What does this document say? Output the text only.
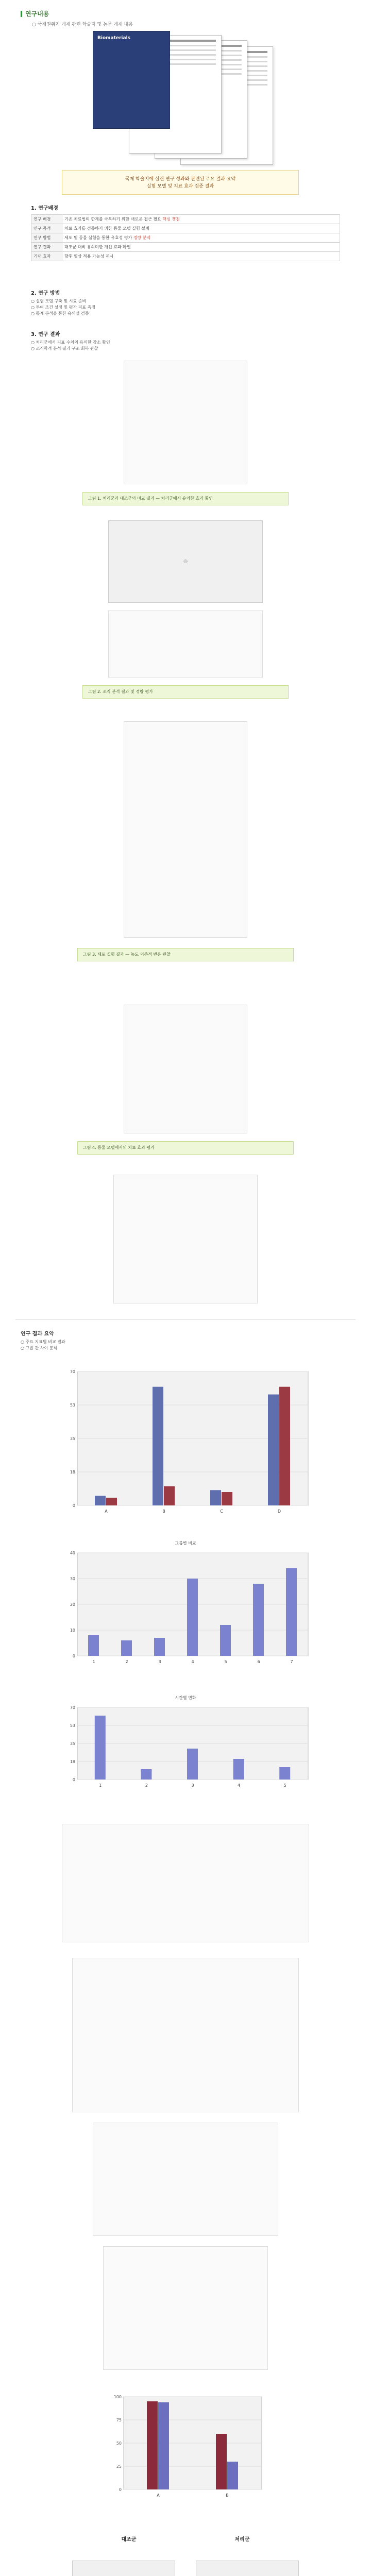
연구내용
○ 국제권위지 게재 관련 학술지 및 논문 게재 내용
Biomaterials

국제 학술지에 실린 연구 성과와 관련된 주요 결과 요약

실험 모델 및 치료 효과 검증 결과

1. 연구배경
연구 배경	기존 치료법의 한계를 극복하기 위한 새로운 접근 필요 핵심 쟁점
연구 목적	치료 효과를 검증하기 위한 동물 모델 실험 설계
연구 방법	세포 및 동물 실험을 통한 유효성 평가 정량 분석
연구 결과	대조군 대비 유의미한 개선 효과 확인
기대 효과	향후 임상 적용 가능성 제시
2. 연구 방법
○ 실험 모델 구축 및 시료 준비
○ 투여 조건 설정 및 평가 지표 측정
○ 통계 분석을 통한 유의성 검증
3. 연구 결과
○ 처리군에서 지표 수치의 유의한 감소 확인
○ 조직학적 분석 결과 구조 회복 관찰
그림 1. 처리군과 대조군의 비교 결과 — 처리군에서 유의한 효과 확인
◎
그림 2. 조직 분석 결과 및 정량 평가
그림 3. 세포 실험 결과 — 농도 의존적 반응 관찰
그림 4. 동물 모델에서의 치료 효과 평가
연구 결과 요약
○ 주요 지표별 비교 결과
○ 그룹 간 차이 분석
0
18
35
53
70
A	B	C	D
그룹별 비교
0
10
20
30
40
1	2	3	4	5	6	7
시간별 변화
0
18
35
53
70
1	2	3	4	5
0
25
50
75
100
A	B
대조군	처리군
